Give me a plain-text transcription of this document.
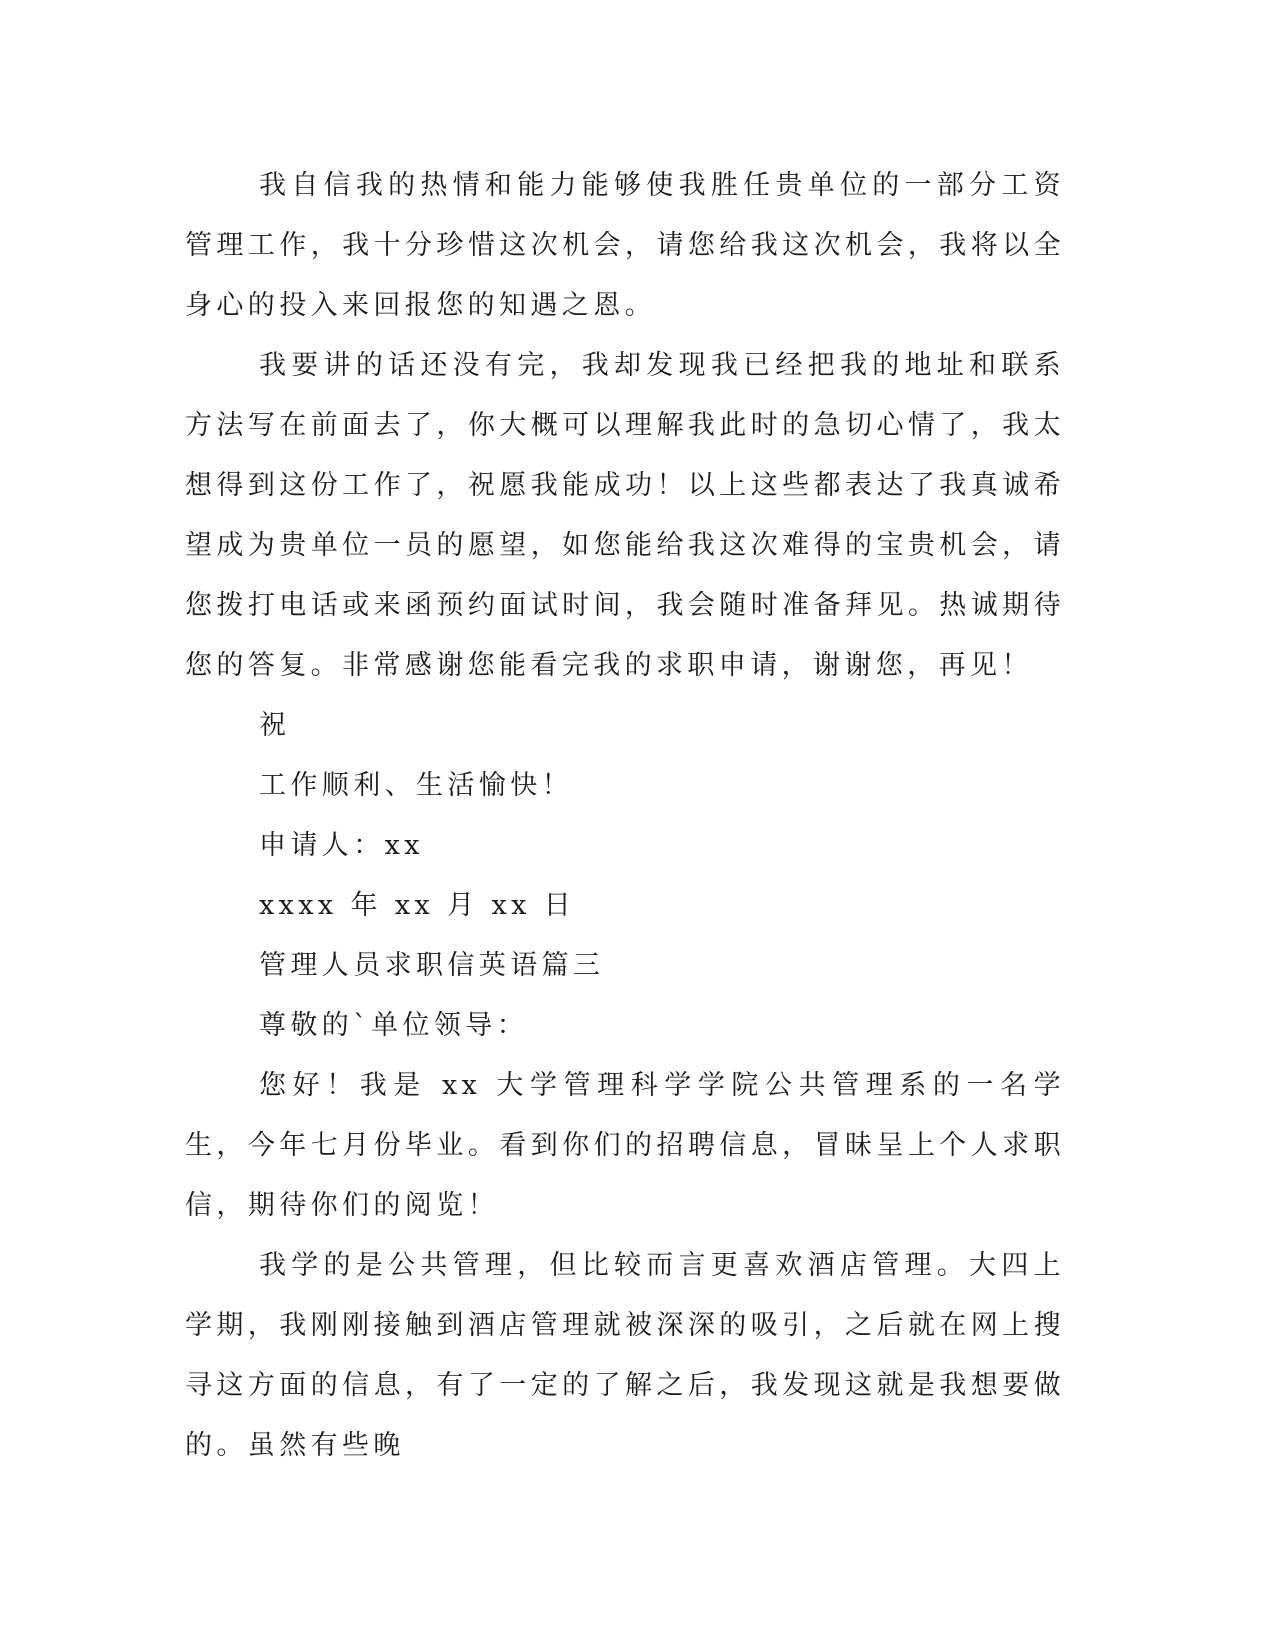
我自信我的热情和能力能够使我胜任贵单位的一部分工资管理工作，我十分珍惜这次机会，请您给我这次机会，我将以全身心的投入来回报您的知遇之恩。

我要讲的话还没有完，我却发现我已经把我的地址和联系方法写在前面去了，你大概可以理解我此时的急切心情了，我太想得到这份工作了，祝愿我能成功！以上这些都表达了我真诚希望成为贵单位一员的愿望，如您能给我这次难得的宝贵机会，请您拨打电话或来函预约面试时间，我会随时准备拜见。热诚期待您的答复。非常感谢您能看完我的求职申请，谢谢您，再见！

祝

工作顺利、生活愉快！

申请人：xx

xxxx 年 xx 月 xx 日

管理人员求职信英语篇三

尊敬的`单位领导：

您好！我是 xx 大学管理科学学院公共管理系的一名学生，今年七月份毕业。看到你们的招聘信息，冒昧呈上个人求职信，期待你们的阅览！

我学的是公共管理，但比较而言更喜欢酒店管理。大四上学期，我刚刚接触到酒店管理就被深深的吸引，之后就在网上搜寻这方面的信息，有了一定的了解之后，我发现这就是我想要做的。虽然有些晚
